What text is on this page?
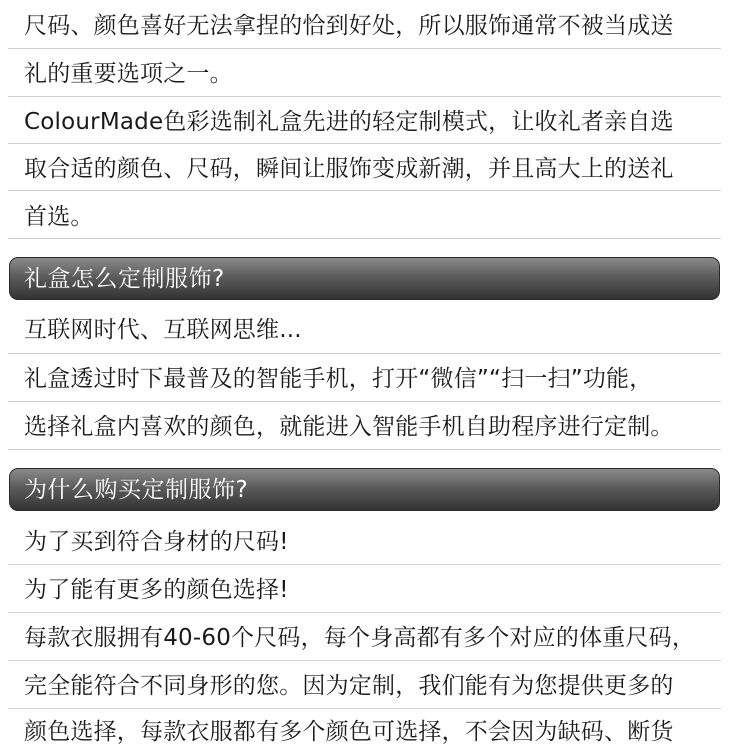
尺码、颜色喜好无法拿捏的恰到好处，所以服饰通常不被当成送
礼的重要选项之一。
ColourMade色彩选制礼盒先进的轻定制模式，让收礼者亲自选
取合适的颜色、尺码，瞬间让服饰变成新潮，并且高大上的送礼
首选。
礼盒怎么定制服饰?
互联网时代、互联网思维...
礼盒透过时下最普及的智能手机，打开“微信”“扫一扫”功能，
选择礼盒内喜欢的颜色，就能进入智能手机自助程序进行定制。
为什么购买定制服饰?
为了买到符合身材的尺码!
为了能有更多的颜色选择!
每款衣服拥有40-60个尺码，每个身高都有多个对应的体重尺码，
完全能符合不同身形的您。因为定制，我们能有为您提供更多的
颜色选择，每款衣服都有多个颜色可选择，不会因为缺码、断货
